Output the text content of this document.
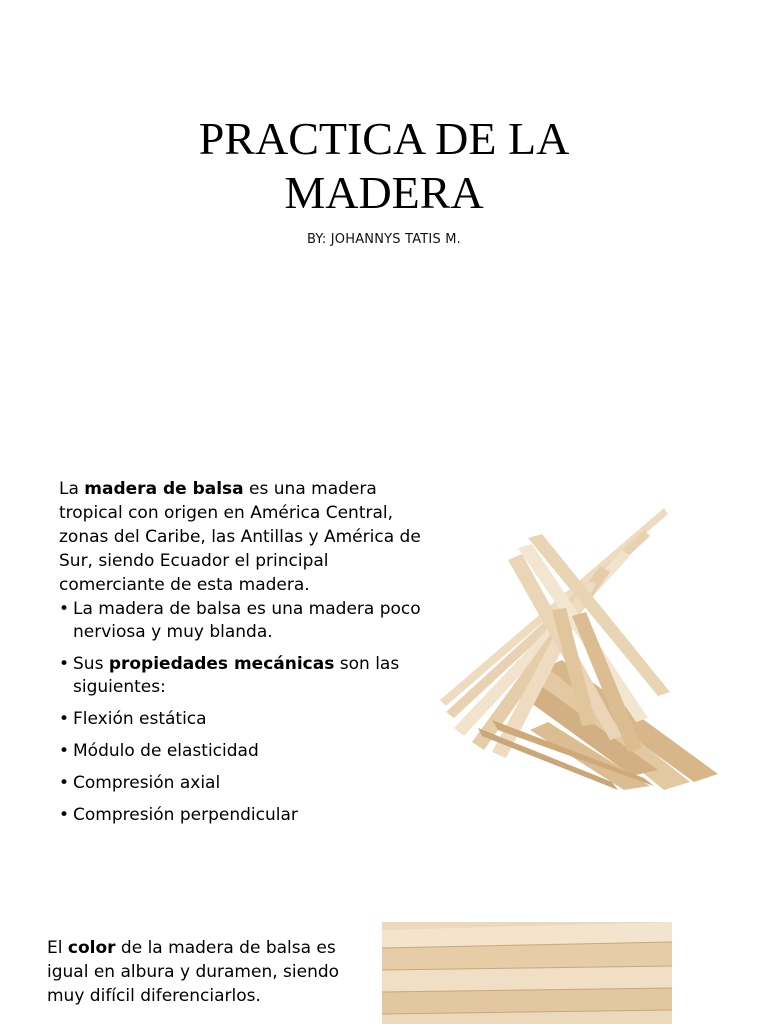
PRACTICA DE LA
MADERA
BY: JOHANNYS TATIS M.
La madera de balsa es una madera tropical con origen en América Central, zonas del Caribe, las Antillas y América de Sur, siendo Ecuador el principal comerciante de esta madera.
• La madera de balsa es una madera poco nerviosa y muy blanda.
• Sus propiedades mecánicas son las siguientes:
• Flexión estática
• Módulo de elasticidad
• Compresión axial
• Compresión perpendicular
El color de la madera de balsa es igual en albura y duramen, siendo muy difícil diferenciarlos.
